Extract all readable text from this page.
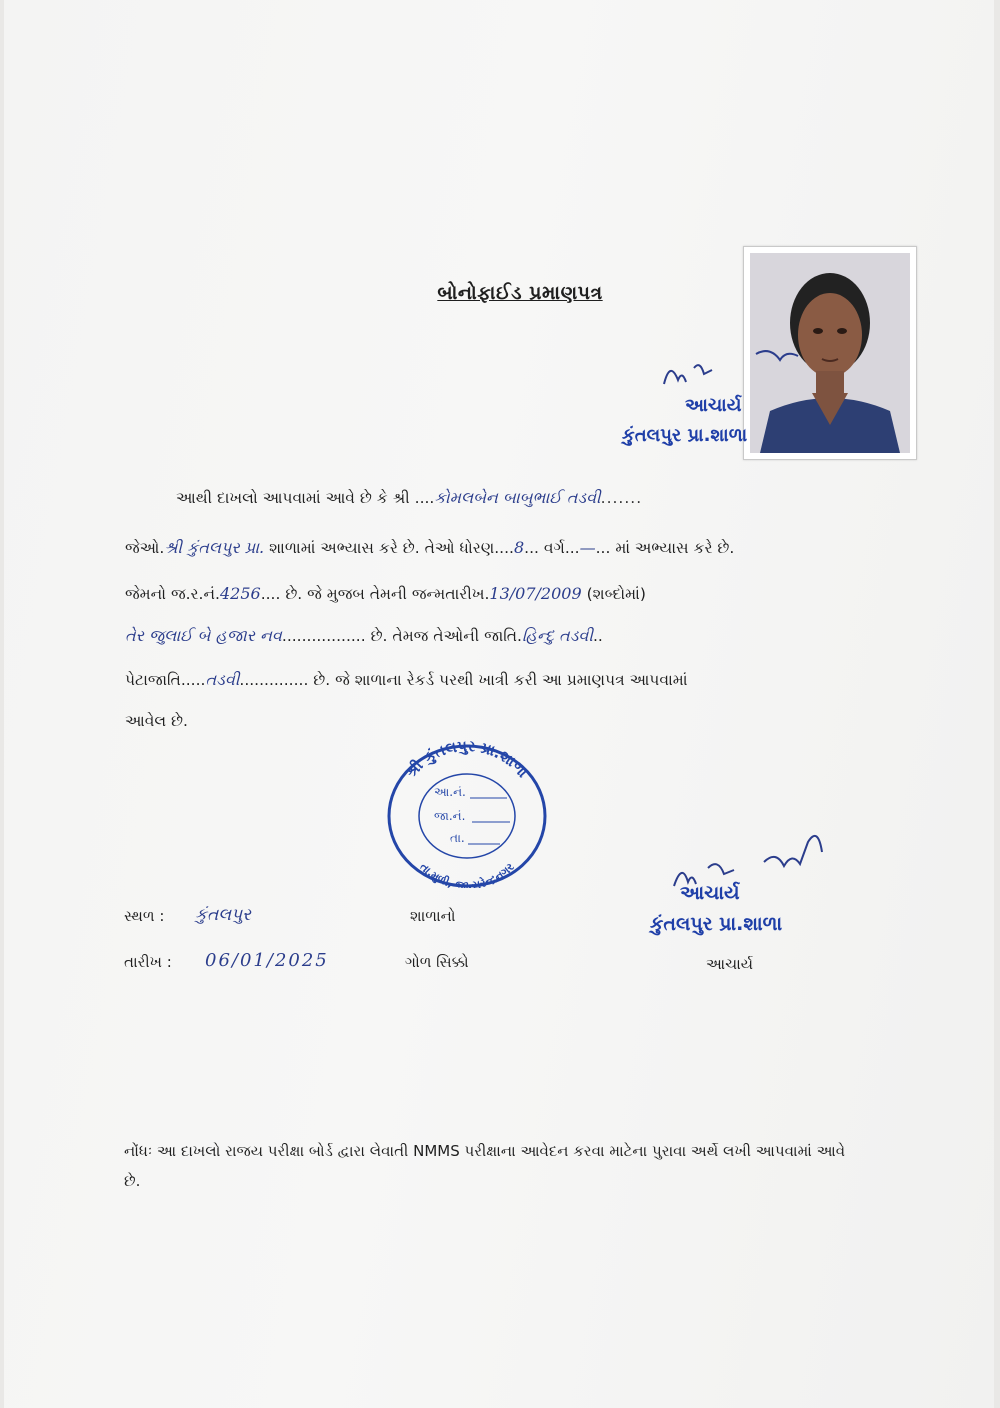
બોનોફાઈડ પ્રમાણપત્ર
આચાર્ય
કુંતલપુર પ્રા.શાળા
આથી દાખલો આપવામાં આવે છે કે શ્રી ....કોમલબેન બાબુભાઈ તડવી.......
જેઓ.શ્રી કુંતલપુર પ્રા. શાળામાં અભ્યાસ કરે છે. તેઓ ધોરણ....8... વર્ગ...—... માં અભ્યાસ કરે છે.
જેમનો જ.ર.નં.4256.... છે. જે મુજબ તેમની જન્મતારીખ.13/07/2009 (શબ્દોમાં)
તેર જુલાઈ બે હજાર નવ................. છે. તેમજ તેઓની જાતિ.હિન્દુ તડવી..
પેટાજાતિ.....તડવી.............. છે. જે શાળાના રેકર્ડ પરથી ખાત્રી કરી આ પ્રમાણપત્ર આપવામાં
આવેલ છે.
શ્રી કુંતલપુર પ્રા.શાળા
તા.મુળી, જી.સુરેન્દ્રનગર
આ.નં.
જા.નં.
તા.
આચાર્ય
કુંતલપુર પ્રા.શાળા
સ્થળ : કુંતલપુર
તારીખ : 06/01/2025
શાળાનો
ગોળ સિક્કો	આચાર્ય
નોંધઃ આ દાખલો રાજય પરીક્ષા બોર્ડ દ્વારા લેવાતી NMMS પરીક્ષાના આવેદન કરવા માટેના પુરાવા અર્થે લખી આપવામાં આવે છે.
